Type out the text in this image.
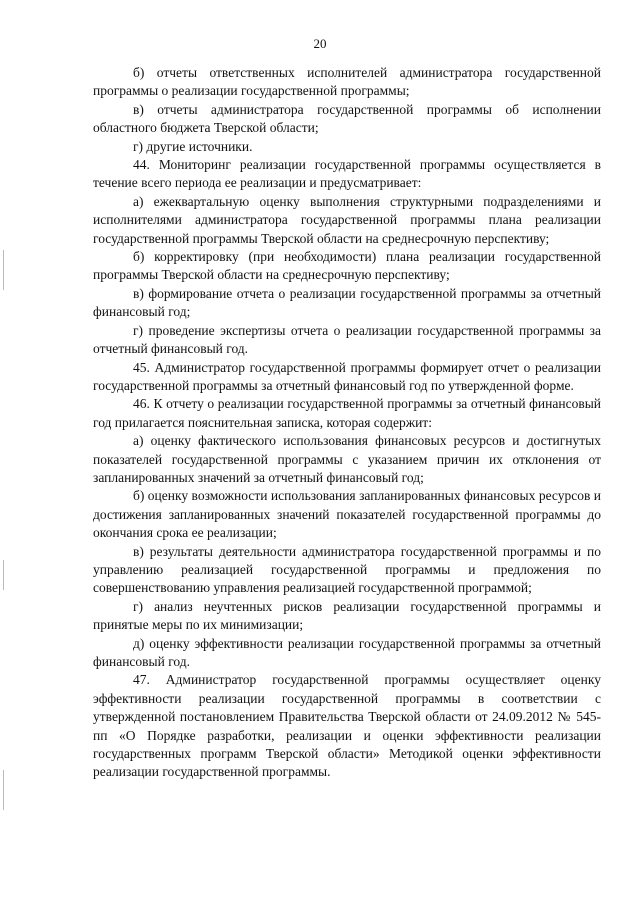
20

б) отчеты ответственных исполнителей администратора государственной программы о реализации государственной программы;

в) отчеты администратора государственной программы об исполнении областного бюджета Тверской области;

г) другие источники.

44. Мониторинг реализации государственной программы осуществляется в течение всего периода ее реализации и предусматривает:

а) ежеквартальную оценку выполнения структурными подразделениями и исполнителями администратора государственной программы плана реализации государственной программы Тверской области на среднесрочную перспективу;

б) корректировку (при необходимости) плана реализации государственной программы Тверской области на среднесрочную перспективу;

в) формирование отчета о реализации государственной программы за отчетный финансовый год;

г) проведение экспертизы отчета о реализации государственной программы за отчетный финансовый год.

45. Администратор государственной программы формирует отчет о реализации государственной программы за отчетный финансовый год по утвержденной форме.

46. К отчету о реализации государственной программы за отчетный финансовый год прилагается пояснительная записка, которая содержит:

а) оценку фактического использования финансовых ресурсов и достигнутых показателей государственной программы с указанием причин их отклонения от запланированных значений за отчетный финансовый год;

б) оценку возможности использования запланированных финансовых ресурсов и достижения запланированных значений показателей государственной программы до окончания срока ее реализации;

в) результаты деятельности администратора государственной программы и по управлению реализацией государственной программы и предложения по совершенствованию управления реализацией государственной программой;

г) анализ неучтенных рисков реализации государственной программы и принятые меры по их минимизации;

д) оценку эффективности реализации государственной программы за отчетный финансовый год.

47. Администратор государственной программы осуществляет оценку эффективности реализации государственной программы в соответствии с утвержденной постановлением Правительства Тверской области от 24.09.2012 № 545-пп «О Порядке разработки, реализации и оценки эффективности реализации государственных программ Тверской области» Методикой оценки эффективности реализации государственной программы.
